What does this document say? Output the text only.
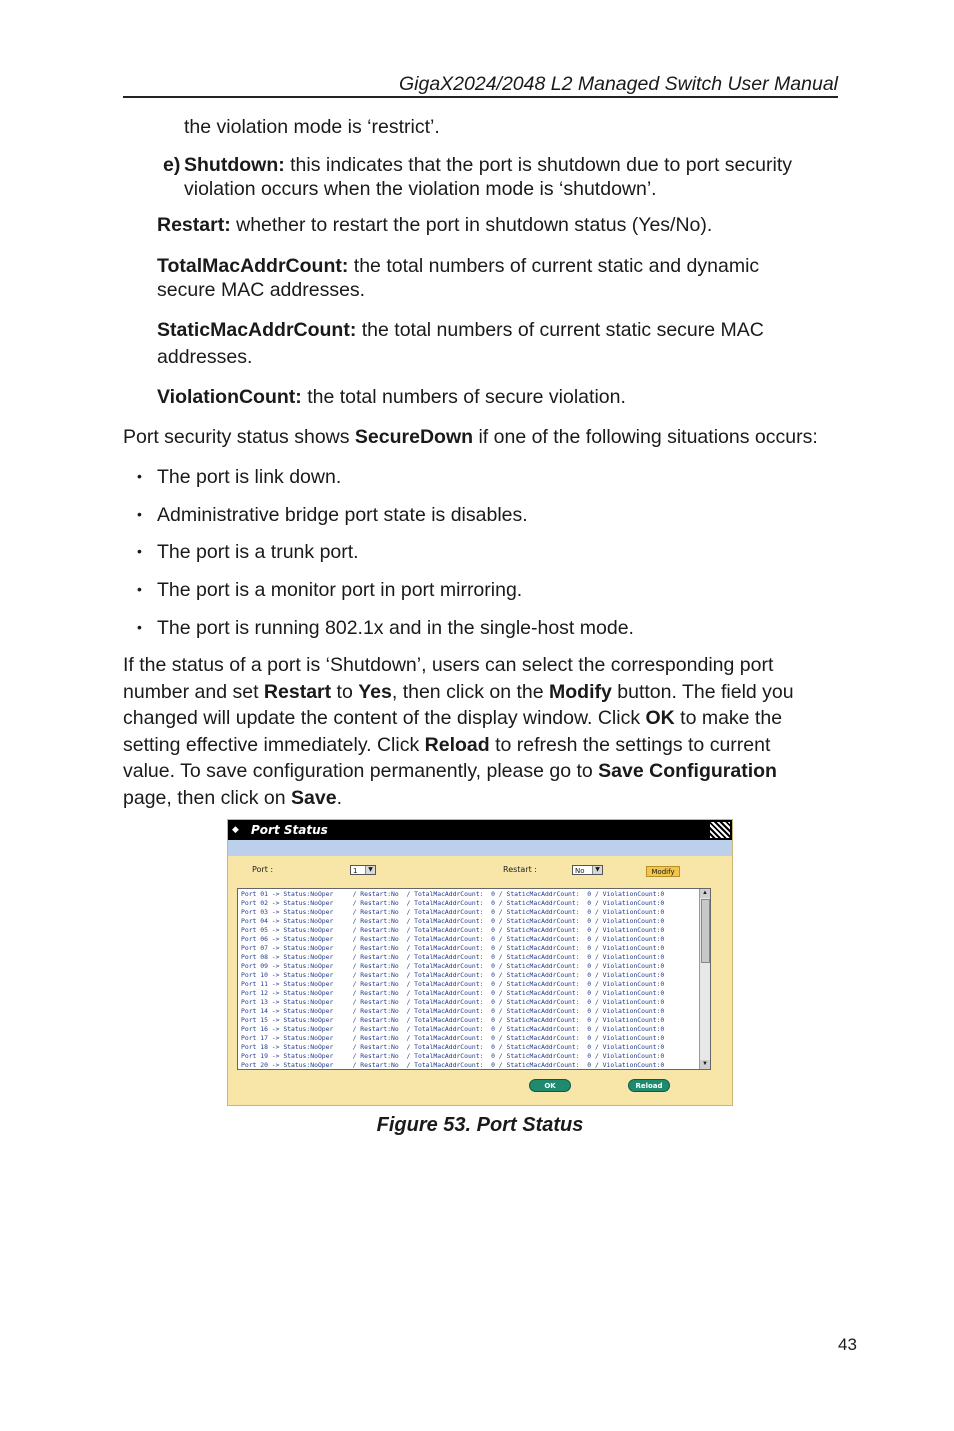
GigaX2024/2048 L2 Managed Switch User Manual

the violation mode is ‘restrict’.

e) Shutdown: this indicates that the port is shutdown due to port security

violation occurs when the violation mode is ‘shutdown’.

Restart: whether to restart the port in shutdown status (Yes/No).

TotalMacAddrCount: the total numbers of current static and dynamic

secure MAC addresses.

StaticMacAddrCount: the total numbers of current static secure MAC

addresses.

ViolationCount: the total numbers of secure violation.

Port security status shows SecureDown if one of the following situations occurs:

• The port is link down.

• Administrative bridge port state is disables.

• The port is a trunk port.

• The port is a monitor port in port mirroring.

• The port is running 802.1x and in the single-host mode.

If the status of a port is ‘Shutdown’, users can select the corresponding port

number and set Restart to Yes, then click on the Modify button. The field you

changed will update the content of the display window. Click OK to make the

setting effective immediately. Click Reload to refresh the settings to current

value. To save configuration permanently, please go to Save Configuration

page, then click on Save.

◆ Port Status
Port :	1	▼	Restart :	No	▼	Modify
Port 01 -> Status:NoOper     / Restart:No  / TotalMacAddrCount:  0 / StaticMacAddrCount:  0 / ViolationCount:0
Port 02 -> Status:NoOper     / Restart:No  / TotalMacAddrCount:  0 / StaticMacAddrCount:  0 / ViolationCount:0
Port 03 -> Status:NoOper     / Restart:No  / TotalMacAddrCount:  0 / StaticMacAddrCount:  0 / ViolationCount:0
Port 04 -> Status:NoOper     / Restart:No  / TotalMacAddrCount:  0 / StaticMacAddrCount:  0 / ViolationCount:0
Port 05 -> Status:NoOper     / Restart:No  / TotalMacAddrCount:  0 / StaticMacAddrCount:  0 / ViolationCount:0
Port 06 -> Status:NoOper     / Restart:No  / TotalMacAddrCount:  0 / StaticMacAddrCount:  0 / ViolationCount:0
Port 07 -> Status:NoOper     / Restart:No  / TotalMacAddrCount:  0 / StaticMacAddrCount:  0 / ViolationCount:0
Port 08 -> Status:NoOper     / Restart:No  / TotalMacAddrCount:  0 / StaticMacAddrCount:  0 / ViolationCount:0
Port 09 -> Status:NoOper     / Restart:No  / TotalMacAddrCount:  0 / StaticMacAddrCount:  0 / ViolationCount:0
Port 10 -> Status:NoOper     / Restart:No  / TotalMacAddrCount:  0 / StaticMacAddrCount:  0 / ViolationCount:0
Port 11 -> Status:NoOper     / Restart:No  / TotalMacAddrCount:  0 / StaticMacAddrCount:  0 / ViolationCount:0
Port 12 -> Status:NoOper     / Restart:No  / TotalMacAddrCount:  0 / StaticMacAddrCount:  0 / ViolationCount:0
Port 13 -> Status:NoOper     / Restart:No  / TotalMacAddrCount:  0 / StaticMacAddrCount:  0 / ViolationCount:0
Port 14 -> Status:NoOper     / Restart:No  / TotalMacAddrCount:  0 / StaticMacAddrCount:  0 / ViolationCount:0
Port 15 -> Status:NoOper     / Restart:No  / TotalMacAddrCount:  0 / StaticMacAddrCount:  0 / ViolationCount:0
Port 16 -> Status:NoOper     / Restart:No  / TotalMacAddrCount:  0 / StaticMacAddrCount:  0 / ViolationCount:0
Port 17 -> Status:NoOper     / Restart:No  / TotalMacAddrCount:  0 / StaticMacAddrCount:  0 / ViolationCount:0
Port 18 -> Status:NoOper     / Restart:No  / TotalMacAddrCount:  0 / StaticMacAddrCount:  0 / ViolationCount:0
Port 19 -> Status:NoOper     / Restart:No  / TotalMacAddrCount:  0 / StaticMacAddrCount:  0 / ViolationCount:0
Port 20 -> Status:NoOper     / Restart:No  / TotalMacAddrCount:  0 / StaticMacAddrCount:  0 / ViolationCount:0
▲
▼
OK	Reload
Figure 53. Port Status
43
